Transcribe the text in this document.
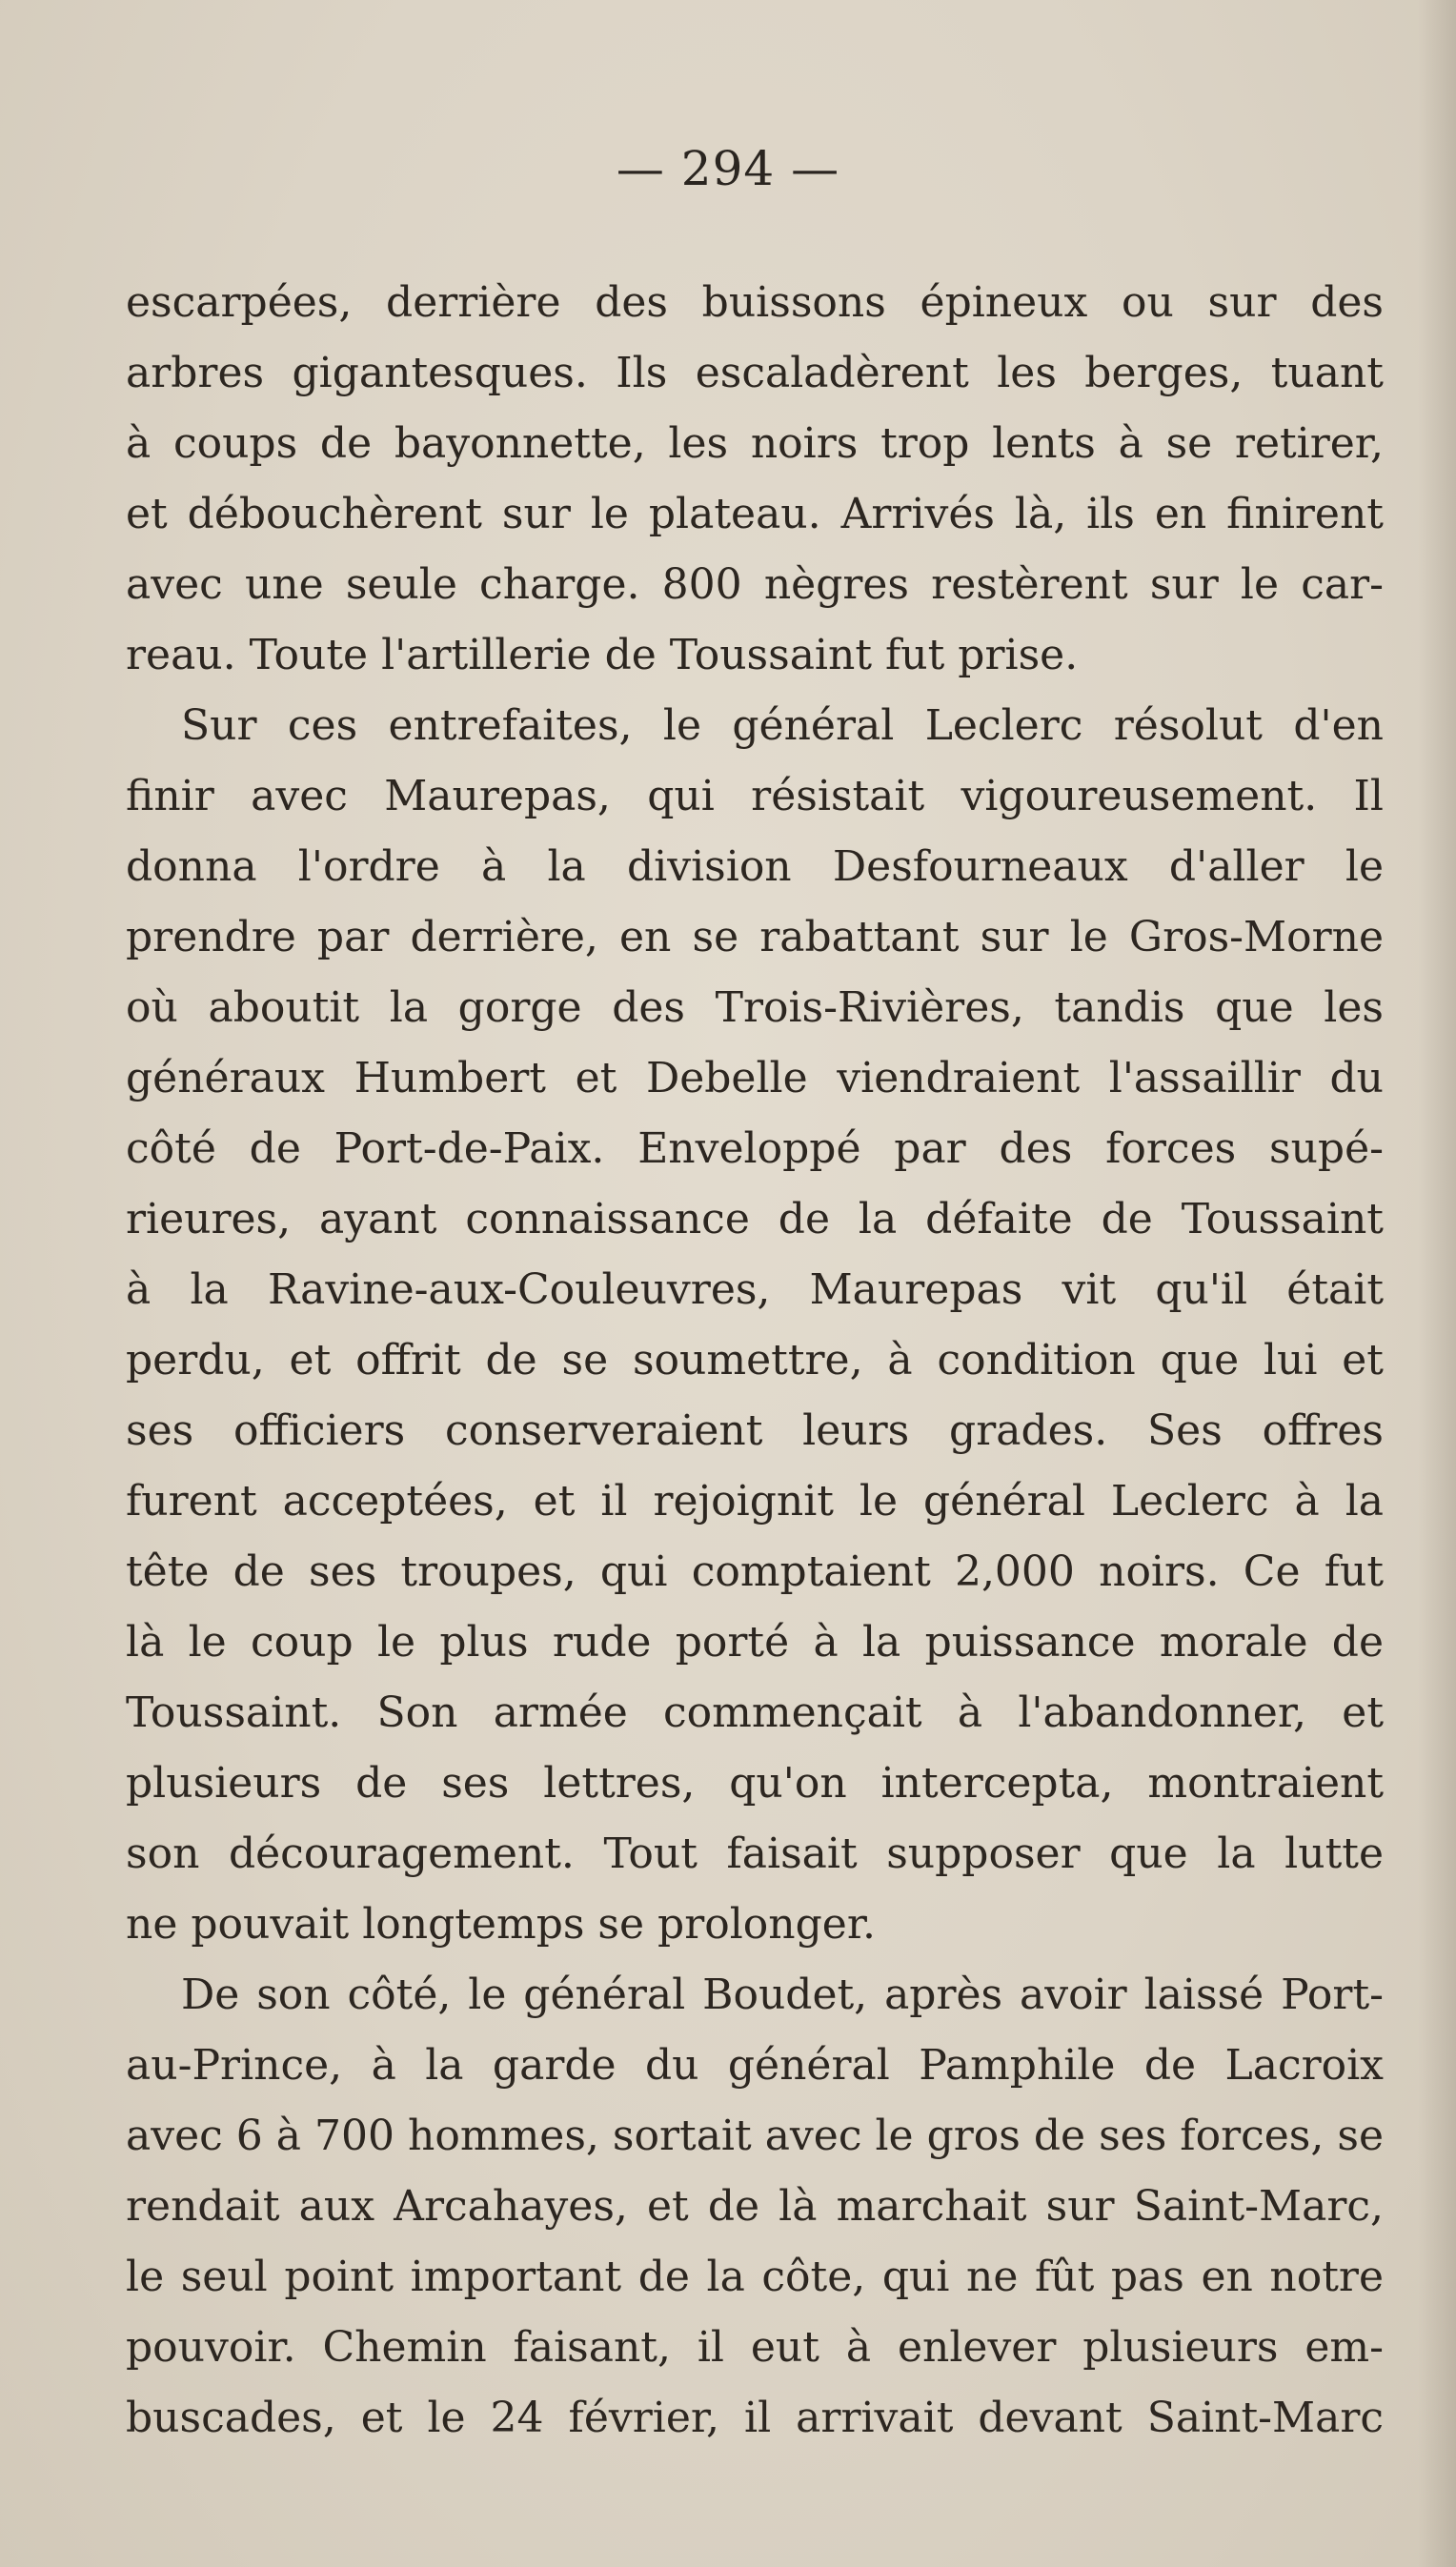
— 294 —
escarpées, derrière des buissons épineux ou sur des
arbres gigantesques. Ils escaladèrent les berges, tuant
à coups de bayonnette, les noirs trop lents à se retirer,
et débouchèrent sur le plateau. Arrivés là, ils en finirent
avec une seule charge. 800 nègres restèrent sur le car-
reau. Toute l'artillerie de Toussaint fut prise.
Sur ces entrefaites, le général Leclerc résolut d'en
finir avec Maurepas, qui résistait vigoureusement. Il
donna l'ordre à la division Desfourneaux d'aller le
prendre par derrière, en se rabattant sur le Gros-Morne
où aboutit la gorge des Trois-Rivières, tandis que les
généraux Humbert et Debelle viendraient l'assaillir du
côté de Port-de-Paix. Enveloppé par des forces supé-
rieures, ayant connaissance de la défaite de Toussaint
à la Ravine-aux-Couleuvres, Maurepas vit qu'il était
perdu, et offrit de se soumettre, à condition que lui et
ses officiers conserveraient leurs grades. Ses offres
furent acceptées, et il rejoignit le général Leclerc à la
tête de ses troupes, qui comptaient 2,000 noirs. Ce fut
là le coup le plus rude porté à la puissance morale de
Toussaint. Son armée commençait à l'abandonner, et
plusieurs de ses lettres, qu'on intercepta, montraient
son découragement. Tout faisait supposer que la lutte
ne pouvait longtemps se prolonger.
De son côté, le général Boudet, après avoir laissé Port-
au-Prince, à la garde du général Pamphile de Lacroix
avec 6 à 700 hommes, sortait avec le gros de ses forces, se
rendait aux Arcahayes, et de là marchait sur Saint-Marc,
le seul point important de la côte, qui ne fût pas en notre
pouvoir. Chemin faisant, il eut à enlever plusieurs em-
buscades, et le 24 février, il arrivait devant Saint-Marc
